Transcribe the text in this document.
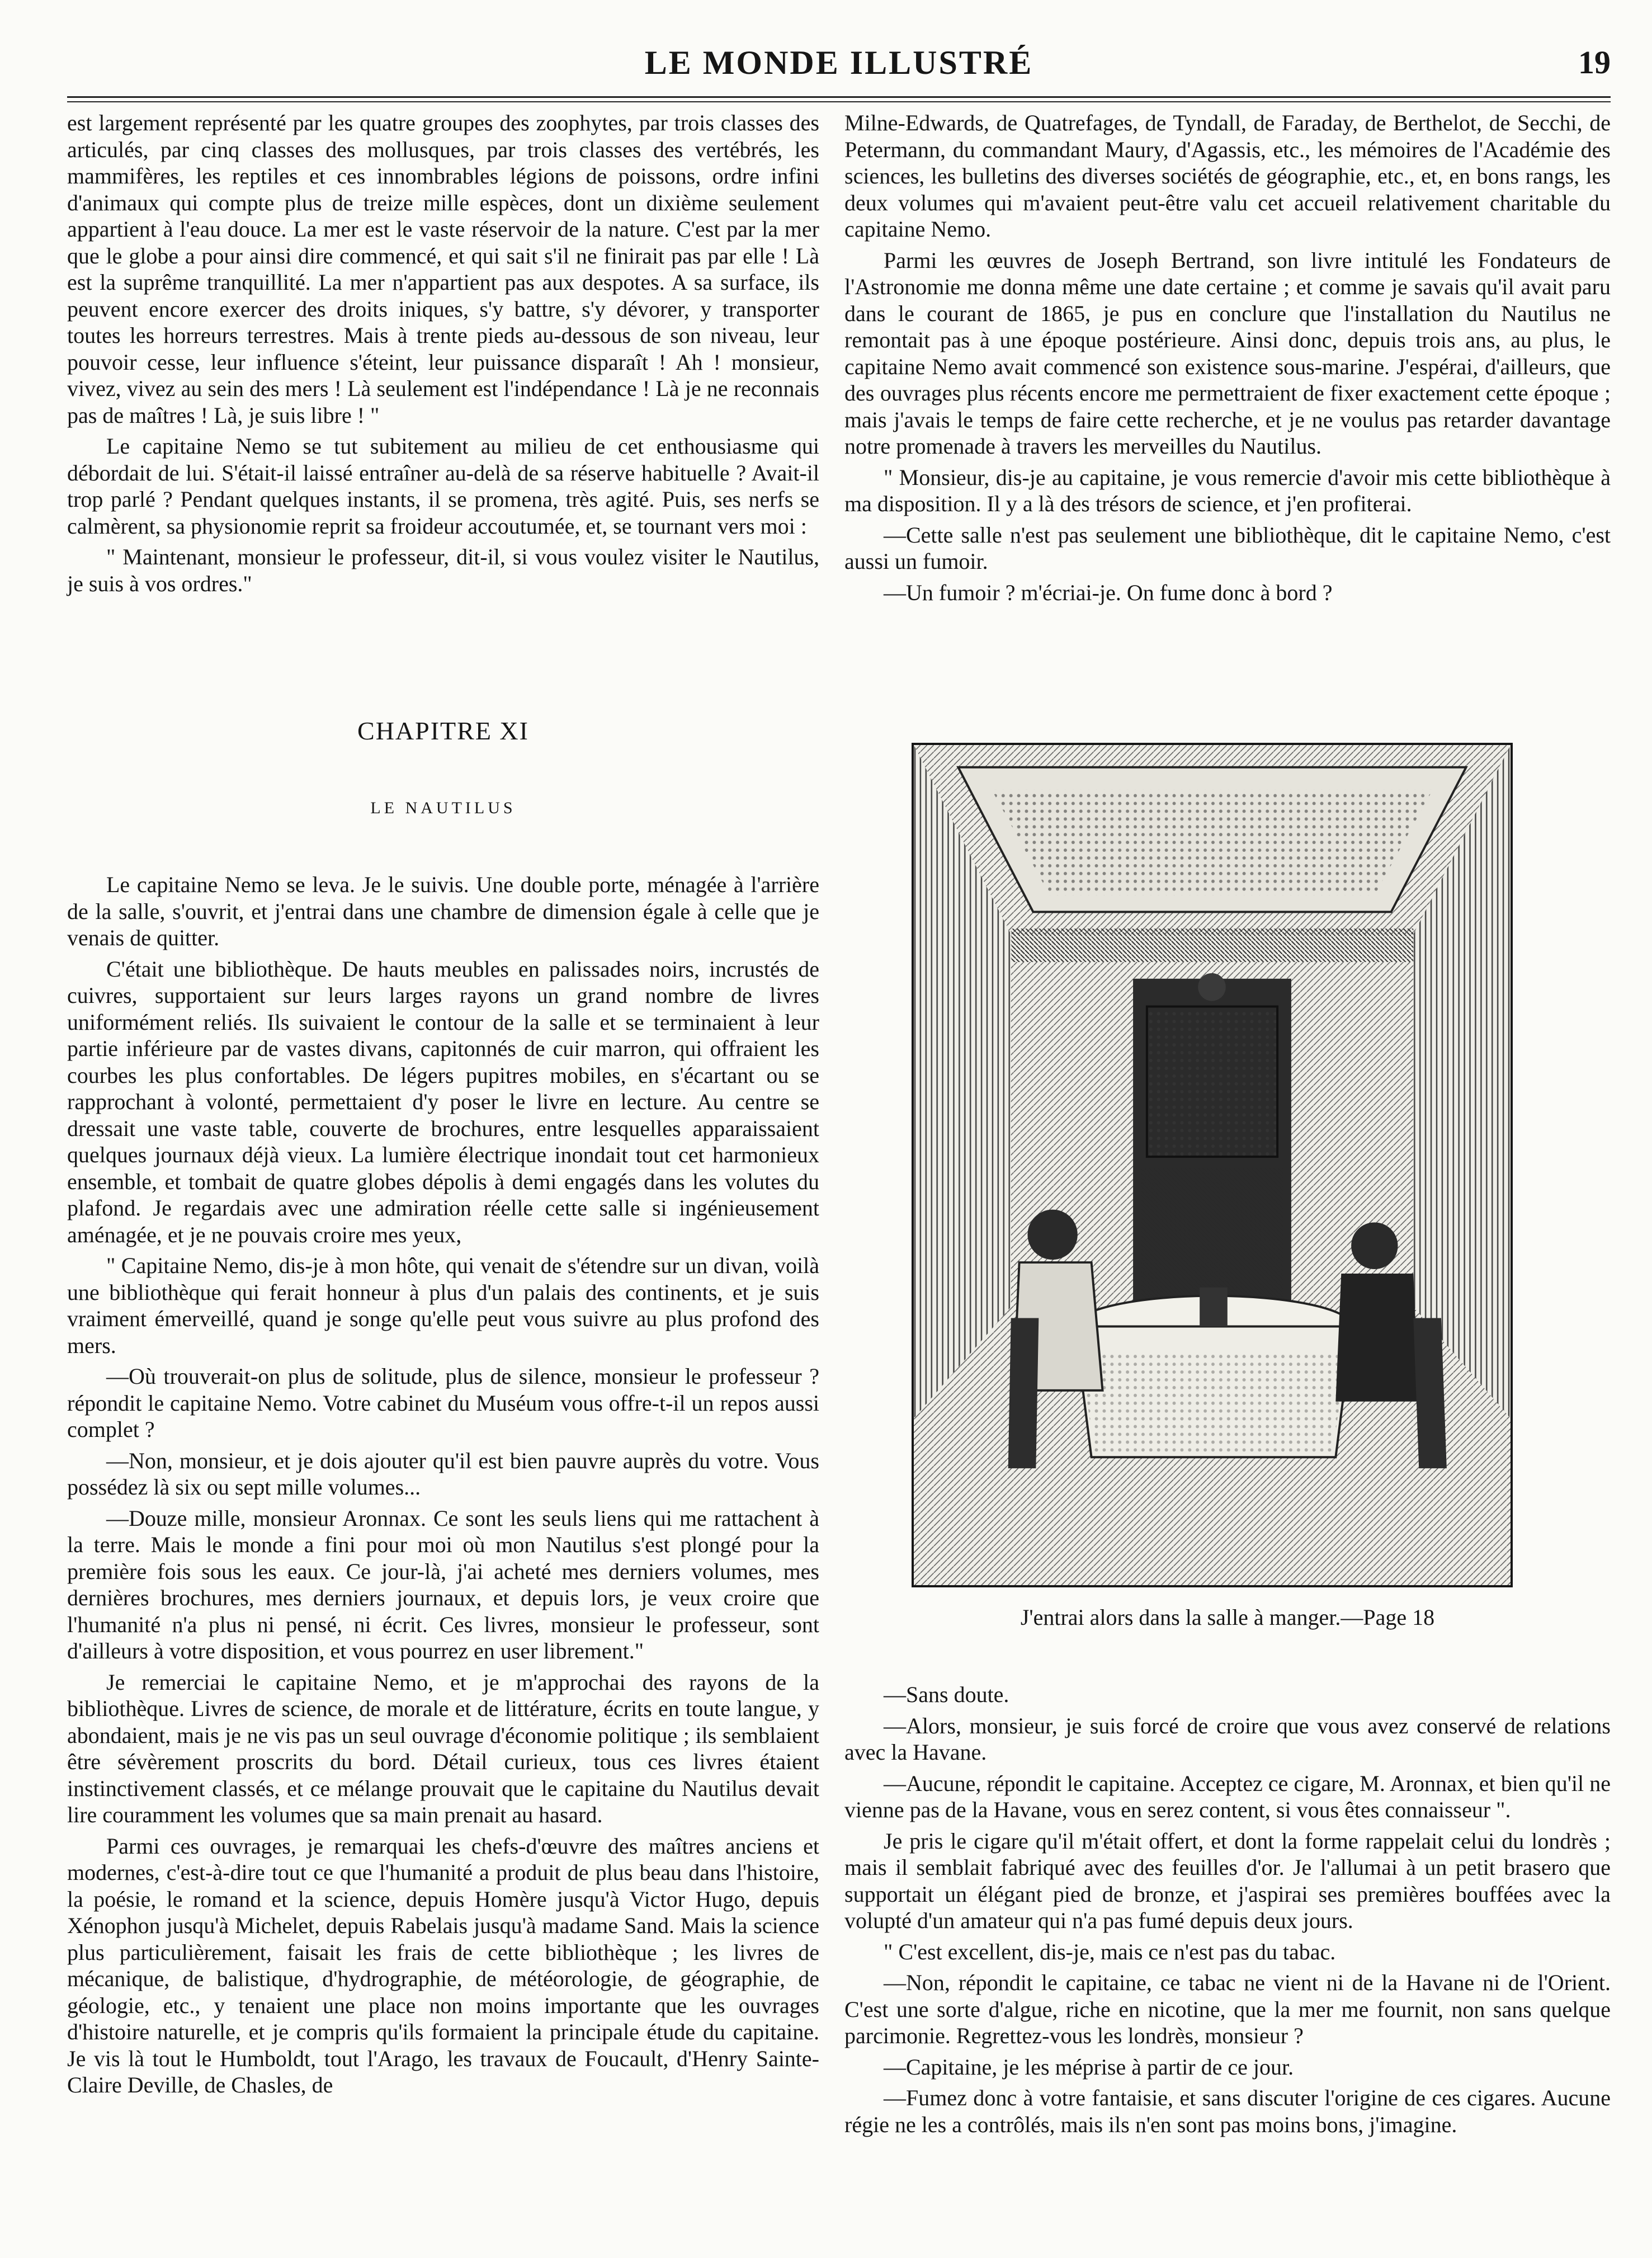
LE MONDE ILLUSTRÉ	19

est largement représenté par les quatre groupes des zoophytes, par trois classes des articulés, par cinq classes des mollusques, par trois classes des vertébrés, les mammifères, les reptiles et ces innombrables légions de poissons, ordre infini d'animaux qui compte plus de treize mille espèces, dont un dixième seulement appartient à l'eau douce. La mer est le vaste réservoir de la nature. C'est par la mer que le globe a pour ainsi dire commencé, et qui sait s'il ne finirait pas par elle ! Là est la suprême tranquillité. La mer n'appartient pas aux despotes. A sa surface, ils peuvent encore exercer des droits iniques, s'y battre, s'y dévorer, y transporter toutes les horreurs terrestres. Mais à trente pieds au-dessous de son niveau, leur pouvoir cesse, leur influence s'éteint, leur puissance disparaît ! Ah ! monsieur, vivez, vivez au sein des mers ! Là seulement est l'indépendance ! Là je ne reconnais pas de maîtres ! Là, je suis libre ! "

Le capitaine Nemo se tut subitement au milieu de cet enthousiasme qui débordait de lui. S'était-il laissé entraîner au-delà de sa réserve habituelle ? Avait-il trop parlé ? Pendant quelques instants, il se promena, très agité. Puis, ses nerfs se calmèrent, sa physionomie reprit sa froideur accoutumée, et, se tournant vers moi :

" Maintenant, monsieur le professeur, dit-il, si vous voulez visiter le Nautilus, je suis à vos ordres."

CHAPITRE XI
LE NAUTILUS

Le capitaine Nemo se leva. Je le suivis. Une double porte, ménagée à l'arrière de la salle, s'ouvrit, et j'entrai dans une chambre de dimension égale à celle que je venais de quitter.

C'était une bibliothèque. De hauts meubles en palissades noirs, incrustés de cuivres, supportaient sur leurs larges rayons un grand nombre de livres uniformément reliés. Ils suivaient le contour de la salle et se terminaient à leur partie inférieure par de vastes divans, capitonnés de cuir marron, qui offraient les courbes les plus confortables. De légers pupitres mobiles, en s'écartant ou se rapprochant à volonté, permettaient d'y poser le livre en lecture. Au centre se dressait une vaste table, couverte de brochures, entre lesquelles apparaissaient quelques journaux déjà vieux. La lumière électrique inondait tout cet harmonieux ensemble, et tombait de quatre globes dépolis à demi engagés dans les volutes du plafond. Je regardais avec une admiration réelle cette salle si ingénieusement aménagée, et je ne pouvais croire mes yeux,

" Capitaine Nemo, dis-je à mon hôte, qui venait de s'étendre sur un divan, voilà une bibliothèque qui ferait honneur à plus d'un palais des continents, et je suis vraiment émerveillé, quand je songe qu'elle peut vous suivre au plus profond des mers.

—Où trouverait-on plus de solitude, plus de silence, monsieur le professeur ? répondit le capitaine Nemo. Votre cabinet du Muséum vous offre-t-il un repos aussi complet ?

—Non, monsieur, et je dois ajouter qu'il est bien pauvre auprès du votre. Vous possédez là six ou sept mille volumes...

—Douze mille, monsieur Aronnax. Ce sont les seuls liens qui me rattachent à la terre. Mais le monde a fini pour moi où mon Nautilus s'est plongé pour la première fois sous les eaux. Ce jour-là, j'ai acheté mes derniers volumes, mes dernières brochures, mes derniers journaux, et depuis lors, je veux croire que l'humanité n'a plus ni pensé, ni écrit. Ces livres, monsieur le professeur, sont d'ailleurs à votre disposition, et vous pourrez en user librement."

Je remerciai le capitaine Nemo, et je m'approchai des rayons de la bibliothèque. Livres de science, de morale et de littérature, écrits en toute langue, y abondaient, mais je ne vis pas un seul ouvrage d'économie politique ; ils semblaient être sévèrement proscrits du bord. Détail curieux, tous ces livres étaient instinctivement classés, et ce mélange prouvait que le capitaine du Nautilus devait lire couramment les volumes que sa main prenait au hasard.

Parmi ces ouvrages, je remarquai les chefs-d'œuvre des maîtres anciens et modernes, c'est-à-dire tout ce que l'humanité a produit de plus beau dans l'histoire, la poésie, le romand et la science, depuis Homère jusqu'à Victor Hugo, depuis Xénophon jusqu'à Michelet, depuis Rabelais jusqu'à madame Sand. Mais la science plus particulièrement, faisait les frais de cette bibliothèque ; les livres de mécanique, de balistique, d'hydrographie, de météorologie, de géographie, de géologie, etc., y tenaient une place non moins importante que les ouvrages d'histoire naturelle, et je compris qu'ils formaient la principale étude du capitaine. Je vis là tout le Humboldt, tout l'Arago, les travaux de Foucault, d'Henry Sainte-Claire Deville, de Chasles, de

Milne-Edwards, de Quatrefages, de Tyndall, de Faraday, de Berthelot, de Secchi, de Petermann, du commandant Maury, d'Agassis, etc., les mémoires de l'Académie des sciences, les bulletins des diverses sociétés de géographie, etc., et, en bons rangs, les deux volumes qui m'avaient peut-être valu cet accueil relativement charitable du capitaine Nemo.

Parmi les œuvres de Joseph Bertrand, son livre intitulé les Fondateurs de l'Astronomie me donna même une date certaine ; et comme je savais qu'il avait paru dans le courant de 1865, je pus en conclure que l'installation du Nautilus ne remontait pas à une époque postérieure. Ainsi donc, depuis trois ans, au plus, le capitaine Nemo avait commencé son existence sous-marine. J'espérai, d'ailleurs, que des ouvrages plus récents encore me permettraient de fixer exactement cette époque ; mais j'avais le temps de faire cette recherche, et je ne voulus pas retarder davantage notre promenade à travers les merveilles du Nautilus.

" Monsieur, dis-je au capitaine, je vous remercie d'avoir mis cette bibliothèque à ma disposition. Il y a là des trésors de science, et j'en profiterai.

—Cette salle n'est pas seulement une bibliothèque, dit le capitaine Nemo, c'est aussi un fumoir.

—Un fumoir ? m'écriai-je. On fume donc à bord ?

J'entrai alors dans la salle à manger.—Page 18

—Sans doute.

—Alors, monsieur, je suis forcé de croire que vous avez conservé de relations avec la Havane.

—Aucune, répondit le capitaine. Acceptez ce cigare, M. Aronnax, et bien qu'il ne vienne pas de la Havane, vous en serez content, si vous êtes connaisseur ".

Je pris le cigare qu'il m'était offert, et dont la forme rappelait celui du londrès ; mais il semblait fabriqué avec des feuilles d'or. Je l'allumai à un petit brasero que supportait un élégant pied de bronze, et j'aspirai ses premières bouffées avec la volupté d'un amateur qui n'a pas fumé depuis deux jours.

" C'est excellent, dis-je, mais ce n'est pas du tabac.

—Non, répondit le capitaine, ce tabac ne vient ni de la Havane ni de l'Orient. C'est une sorte d'algue, riche en nicotine, que la mer me fournit, non sans quelque parcimonie. Regrettez-vous les londrès, monsieur ?

—Capitaine, je les méprise à partir de ce jour.

—Fumez donc à votre fantaisie, et sans discuter l'origine de ces cigares. Aucune régie ne les a contrôlés, mais ils n'en sont pas moins bons, j'imagine.
